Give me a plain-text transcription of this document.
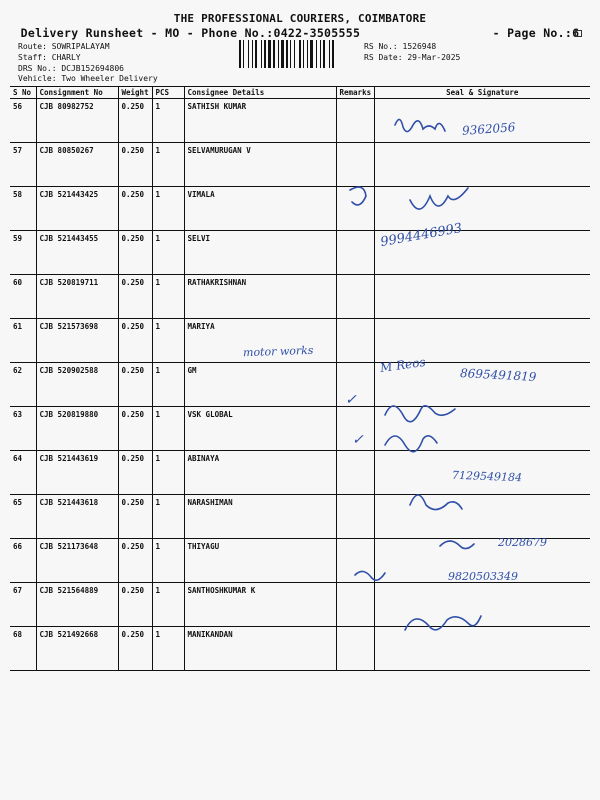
THE PROFESSIONAL COURIERS, COIMBATORE
Delivery Runsheet - MO - Phone No.:0422-3505555	- Page No.:6
Route: SOWRIPALAYAM
Staff: CHARLY
DRS No.: DCJB152694806
RS No.: 1526948
RS Date: 29-Mar-2025
Vehicle: Two Wheeler Delivery
S No	Consignment No	Weight	PCS	Consignee Details	Remarks	Seal & Signature
56	CJB 80982752	0.250	1	SATHISH KUMAR		
57	CJB 80850267	0.250	1	SELVAMURUGAN V		
58	CJB 521443425	0.250	1	VIMALA		
59	CJB 521443455	0.250	1	SELVI		
60	CJB 520819711	0.250	1	RATHAKRISHNAN		
61	CJB 521573698	0.250	1	MARIYA		
62	CJB 520902588	0.250	1	GM		
63	CJB 520819880	0.250	1	VSK GLOBAL		
64	CJB 521443619	0.250	1	ABINAYA		
65	CJB 521443618	0.250	1	NARASHIMAN		
66	CJB 521173648	0.250	1	THIYAGU		
67	CJB 521564889	0.250	1	SANTHOSHKUMAR K		
68	CJB 521492668	0.250	1	MANIKANDAN		
9362056
9994446993
motor works
M Reos	8695491819
✓
✓
7129549184
2028679
9820503349
